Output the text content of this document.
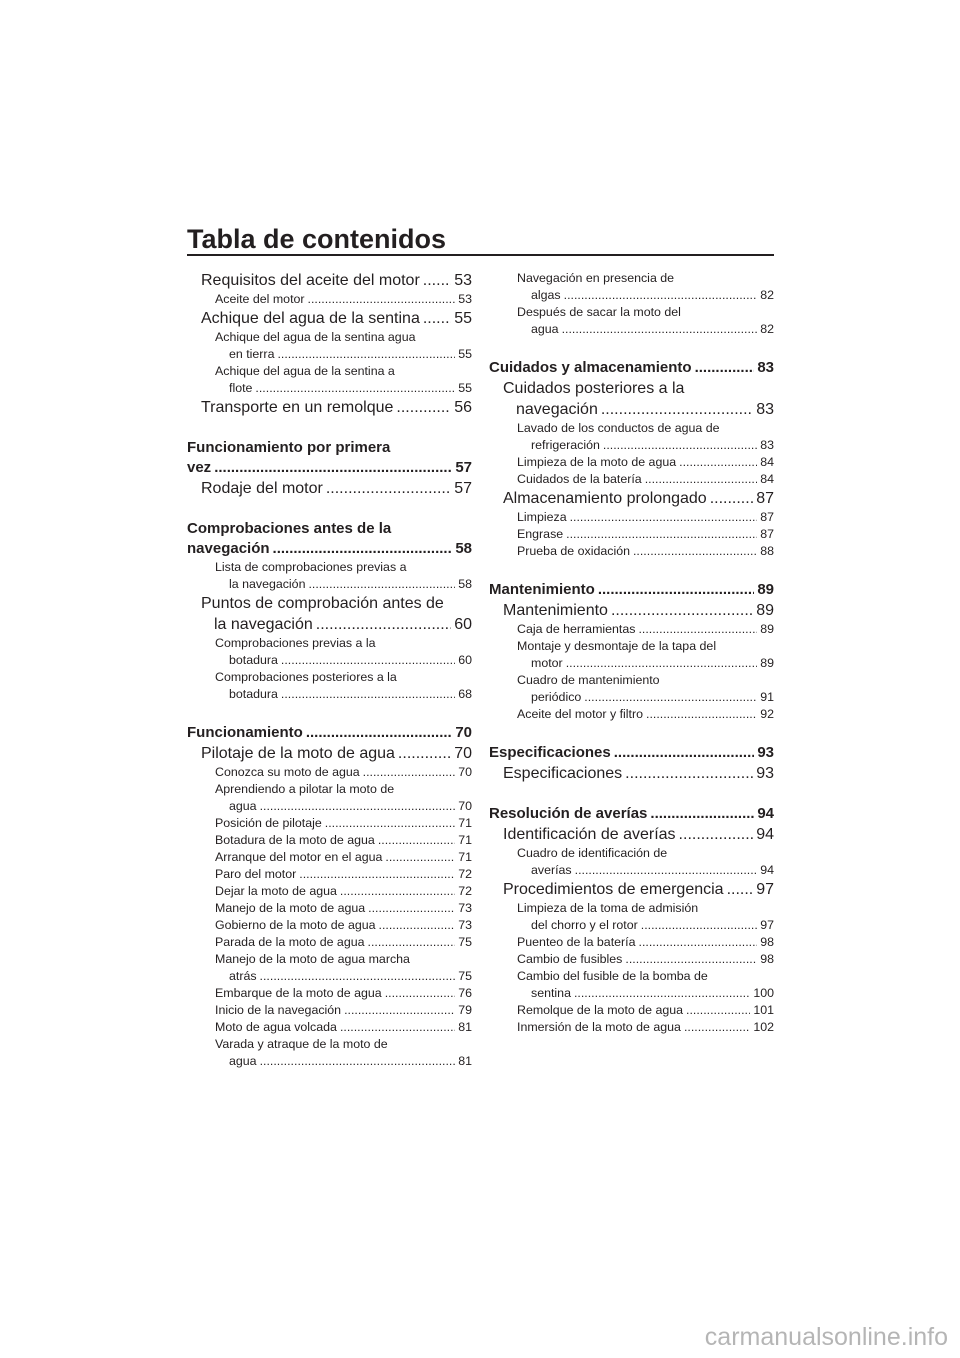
Tabla de contenidos
Requisitos del aceite del motor ..... 53
Aceite del motor .....	53
Achique del agua de la sentina ..... 55
Achique del agua de la sentina agua
en tierra .....	55
Achique del agua de la sentina a
flote .....	55
Transporte en un remolque .....	56
Funcionamiento por primera
vez .....	57
Rodaje del motor .....	57
Comprobaciones antes de la
navegación .....	58
Lista de comprobaciones previas a
la navegación .....	58
Puntos de comprobación antes de
la navegación .....	60
Comprobaciones previas a la
botadura .....	60
Comprobaciones posteriores a la
botadura .....	68
Funcionamiento .....	70
Pilotaje de la moto de agua .....	70
Conozca su moto de agua .....	70
Aprendiendo a pilotar la moto de
agua .....	70
Posición de pilotaje .....	71
Botadura de la moto de agua .....	71
Arranque del motor en el agua .....	71
Paro del motor .....	72
Dejar la moto de agua .....	72
Manejo de la moto de agua .....	73
Gobierno de la moto de agua .....	73
Parada de la moto de agua .....	75
Manejo de la moto de agua marcha
atrás .....	75
Embarque de la moto de agua .....	76
Inicio de la navegación .....	79
Moto de agua volcada .....	81
Varada y atraque de la moto de
agua .....	81
Navegación en presencia de
algas .....	82
Después de sacar la moto del
agua .....	82
Cuidados y almacenamiento .....	83
Cuidados posteriores a la
navegación .....	83
Lavado de los conductos de agua de
refrigeración .....	83
Limpieza de la moto de agua .....	84
Cuidados de la batería .....	84
Almacenamiento prolongado .....	87
Limpieza .....	87
Engrase .....	87
Prueba de oxidación .....	88
Mantenimiento .....	89
Mantenimiento .....	89
Caja de herramientas .....	89
Montaje y desmontaje de la tapa del
motor .....	89
Cuadro de mantenimiento
periódico .....	91
Aceite del motor y filtro .....	92
Especificaciones .....	93
Especificaciones .....	93
Resolución de averías .....	94
Identificación de averías .....	94
Cuadro de identificación de
averías .....	94
Procedimientos de emergencia ..... 97
Limpieza de la toma de admisión
del chorro y el rotor .....	97
Puenteo de la batería .....	98
Cambio de fusibles .....	98
Cambio del fusible de la bomba de
sentina .....	100
Remolque de la moto de agua .....	101
Inmersión de la moto de agua .....	102
carmanualsonline.info
